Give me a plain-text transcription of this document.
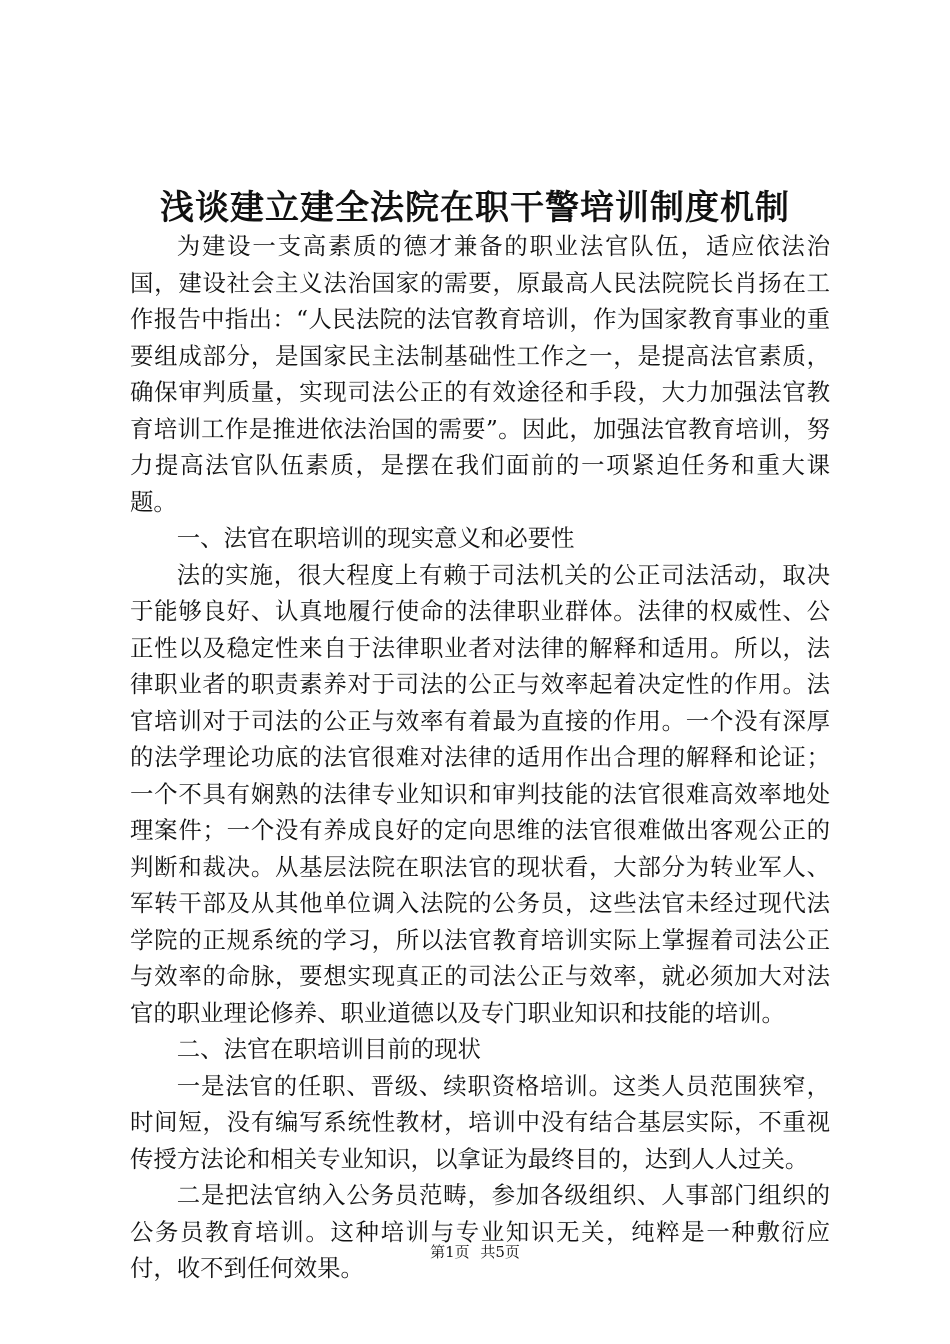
浅谈建立建全法院在职干警培训制度机制

为建设一支高素质的德才兼备的职业法官队伍，适应依法治国，建设社会主义法治国家的需要，原最高人民法院院长肖扬在工作报告中指出：“人民法院的法官教育培训，作为国家教育事业的重要组成部分，是国家民主法制基础性工作之一，是提高法官素质，确保审判质量，实现司法公正的有效途径和手段，大力加强法官教育培训工作是推进依法治国的需要”。因此，加强法官教育培训，努力提高法官队伍素质，是摆在我们面前的一项紧迫任务和重大课题。

一、法官在职培训的现实意义和必要性

法的实施，很大程度上有赖于司法机关的公正司法活动，取决于能够良好、认真地履行使命的法律职业群体。法律的权威性、公正性以及稳定性来自于法律职业者对法律的解释和适用。所以，法律职业者的职责素养对于司法的公正与效率起着决定性的作用。法官培训对于司法的公正与效率有着最为直接的作用。一个没有深厚的法学理论功底的法官很难对法律的适用作出合理的解释和论证；一个不具有娴熟的法律专业知识和审判技能的法官很难高效率地处理案件；一个没有养成良好的定向思维的法官很难做出客观公正的判断和裁决。从基层法院在职法官的现状看，大部分为转业军人、军转干部及从其他单位调入法院的公务员，这些法官未经过现代法学院的正规系统的学习，所以法官教育培训实际上掌握着司法公正与效率的命脉，要想实现真正的司法公正与效率，就必须加大对法官的职业理论修养、职业道德以及专门职业知识和技能的培训。

二、法官在职培训目前的现状

一是法官的任职、晋级、续职资格培训。这类人员范围狭窄，时间短，没有编写系统性教材，培训中没有结合基层实际，不重视传授方法论和相关专业知识，以拿证为最终目的，达到人人过关。

二是把法官纳入公务员范畴，参加各级组织、人事部门组织的公务员教育培训。这种培训与专业知识无关，纯粹是一种敷衍应付，收不到任何效果。

第1页 共5页
